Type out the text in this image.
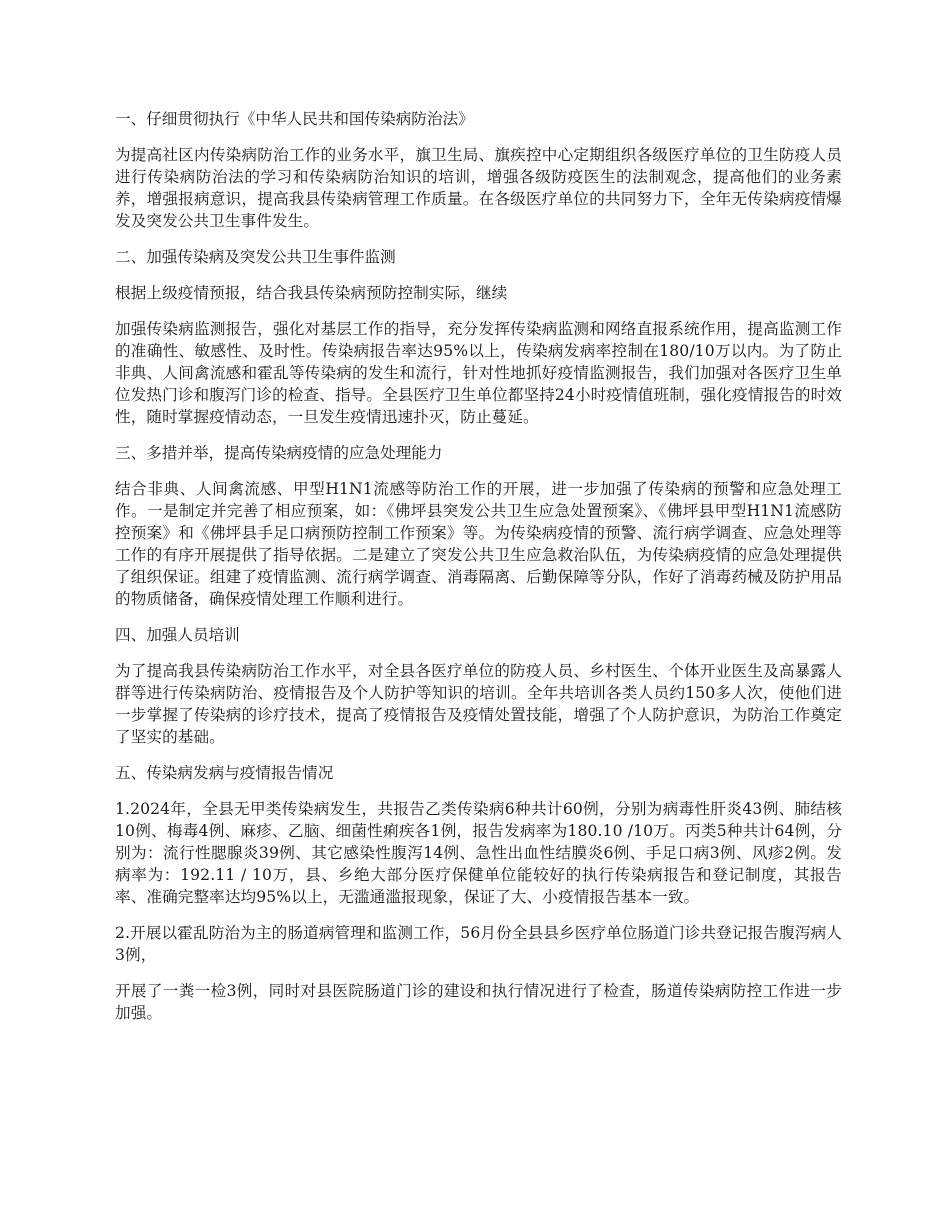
一、仔细贯彻执行《中华人民共和国传染病防治法》

为提高社区内传染病防治工作的业务水平，旗卫生局、旗疾控中心定期组织各级医疗单位的卫生防疫人员进行传染病防治法的学习和传染病防治知识的培训，增强各级防疫医生的法制观念，提高他们的业务素养，增强报病意识，提高我县传染病管理工作质量。在各级医疗单位的共同努力下，全年无传染病疫情爆发及突发公共卫生事件发生。

二、加强传染病及突发公共卫生事件监测

根据上级疫情预报，结合我县传染病预防控制实际，继续

加强传染病监测报告，强化对基层工作的指导，充分发挥传染病监测和网络直报系统作用，提高监测工作的准确性、敏感性、及时性。传染病报告率达95%以上，传染病发病率控制在180/10万以内。为了防止非典、人间禽流感和霍乱等传染病的发生和流行，针对性地抓好疫情监测报告，我们加强对各医疗卫生单位发热门诊和腹泻门诊的检查、指导。全县医疗卫生单位都坚持24小时疫情值班制，强化疫情报告的时效性，随时掌握疫情动态，一旦发生疫情迅速扑灭，防止蔓延。

三、多措并举，提高传染病疫情的应急处理能力

结合非典、人间禽流感、甲型H1N1流感等防治工作的开展，进一步加强了传染病的预警和应急处理工作。一是制定并完善了相应预案，如：《佛坪县突发公共卫生应急处置预案》、《佛坪县甲型H1N1流感防控预案》和《佛坪县手足口病预防控制工作预案》等。为传染病疫情的预警、流行病学调查、应急处理等工作的有序开展提供了指导依据。二是建立了突发公共卫生应急救治队伍，为传染病疫情的应急处理提供了组织保证。组建了疫情监测、流行病学调查、消毒隔离、后勤保障等分队，作好了消毒药械及防护用品的物质储备，确保疫情处理工作顺利进行。

四、加强人员培训

为了提高我县传染病防治工作水平，对全县各医疗单位的防疫人员、乡村医生、个体开业医生及高暴露人群等进行传染病防治、疫情报告及个人防护等知识的培训。全年共培训各类人员约150多人次，使他们进一步掌握了传染病的诊疗技术，提高了疫情报告及疫情处置技能，增强了个人防护意识，为防治工作奠定了坚实的基础。

五、传染病发病与疫情报告情况

1.2024年，全县无甲类传染病发生，共报告乙类传染病6种共计60例，分别为病毒性肝炎43例、肺结核10例、梅毒4例、麻疹、乙脑、细菌性痢疾各1例，报告发病率为180.10 /10万。丙类5种共计64例，分别为：流行性腮腺炎39例、其它感染性腹泻14例、急性出血性结膜炎6例、手足口病3例、风疹2例。发病率为：192.11 / 10万，县、乡绝大部分医疗保健单位能较好的执行传染病报告和登记制度，其报告率、准确完整率达均95%以上，无滥通滥报现象，保证了大、小疫情报告基本一致。

2.开展以霍乱防治为主的肠道病管理和监测工作，56月份全县县乡医疗单位肠道门诊共登记报告腹泻病人3例，

开展了一粪一检3例，同时对县医院肠道门诊的建设和执行情况进行了检查，肠道传染病防控工作进一步加强。
